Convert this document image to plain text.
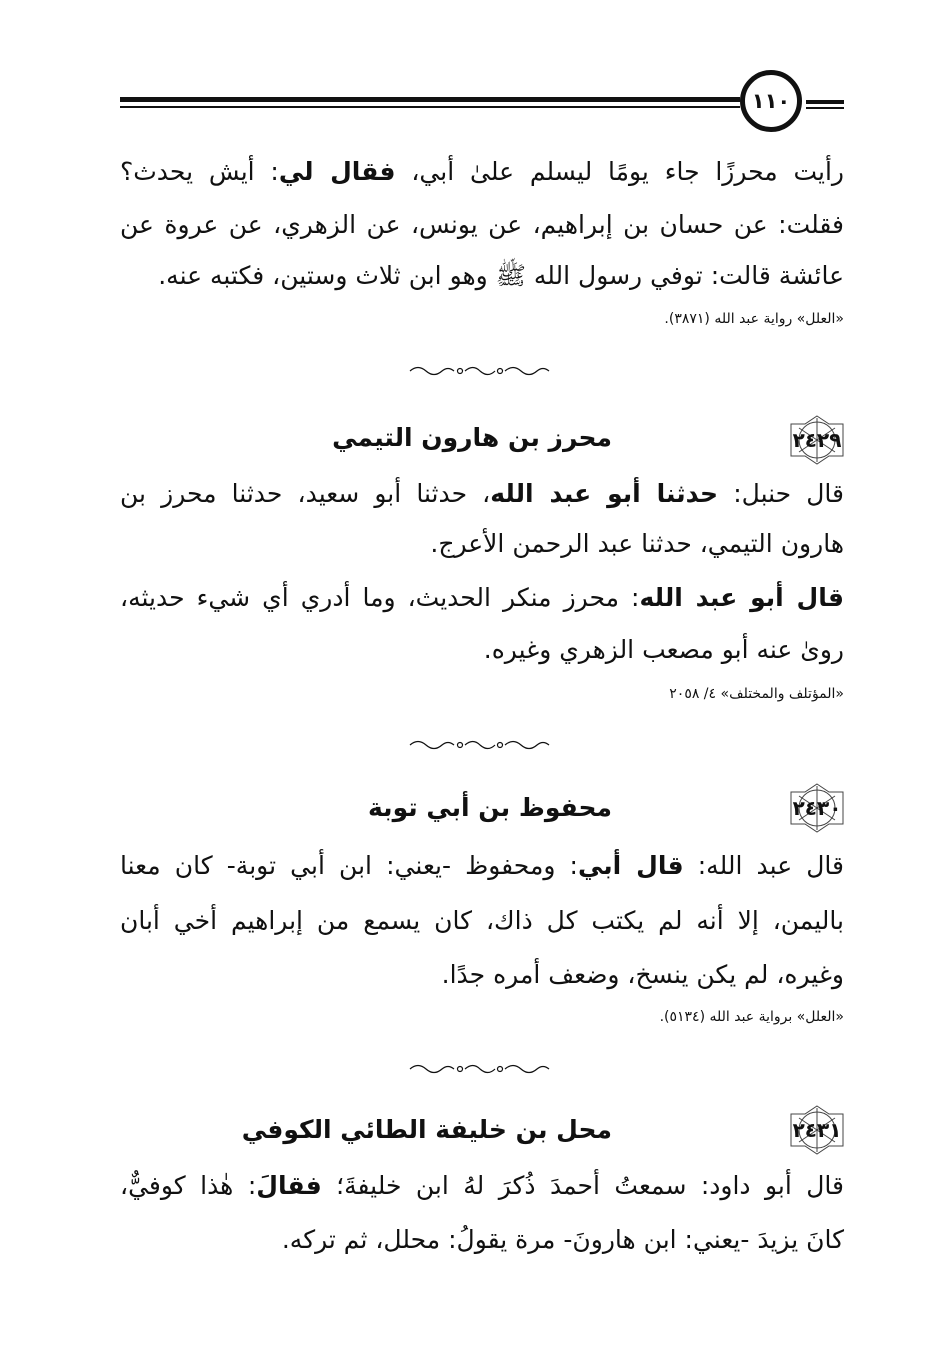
١١٠
رأيت محرزًا جاء يومًا ليسلم علىٰ أبي، فقال لي: أيش يحدث؟
فقلت: عن حسان بن إبراهيم، عن يونس، عن الزهري، عن عروة عن
عائشة قالت: توفي رسول الله ﷺ وهو ابن ثلاث وستين، فكتبه عنه.
«العلل» رواية عبد الله (٣٨٧١).
٢٤٢٩
محرز بن هارون التيمي
قال حنبل: حدثنا أبو عبد الله، حدثنا أبو سعيد، حدثنا محرز بن
هارون التيمي، حدثنا عبد الرحمن الأعرج.
قال أبو عبد الله: محرز منكر الحديث، وما أدري أي شيء حديثه،
روىٰ عنه أبو مصعب الزهري وغيره.
«المؤتلف والمختلف» ٤/ ٢٠٥٨
٢٤٣٠
محفوظ بن أبي توبة
قال عبد الله: قال أبي: ومحفوظ -يعني: ابن أبي توبة- كان معنا
باليمن، إلا أنه لم يكتب كل ذاك، كان يسمع من إبراهيم أخي أبان
وغيره، لم يكن ينسخ، وضعف أمره جدًا.
«العلل» برواية عبد الله (٥١٣٤).
٢٤٣١
محل بن خليفة الطائي الكوفي
قال أبو داود: سمعتُ أحمدَ ذُكرَ لهُ ابن خليفةَ؛ فقالَ: هٰذا كوفيٌّ،
كانَ يزيدَ -يعني: ابن هارونَ- مرة يقولُ: محلل، ثم تركه.
